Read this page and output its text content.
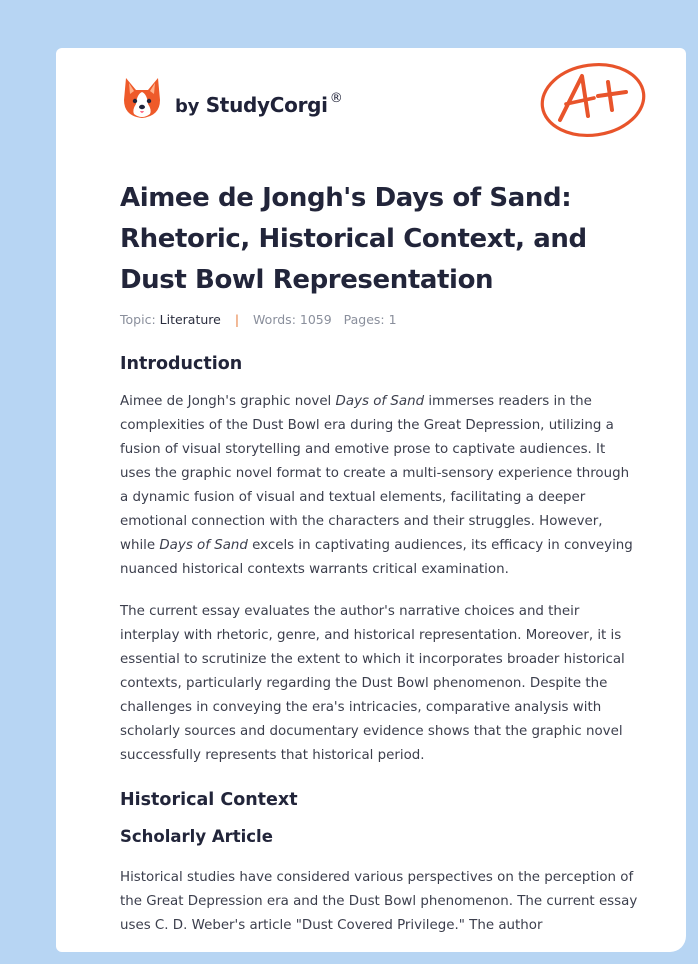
by StudyCorgi ®
Aimee de Jongh's Days of Sand: Rhetoric, Historical Context, and Dust Bowl Representation
Topic: Literature | Words: 1059 Pages: 1
Introduction

Aimee de Jongh's graphic novel Days of Sand immerses readers in the complexities of the Dust Bowl era during the Great Depression, utilizing a fusion of visual storytelling and emotive prose to captivate audiences. It uses the graphic novel format to create a multi-sensory experience through a dynamic fusion of visual and textual elements, facilitating a deeper emotional connection with the characters and their struggles. However, while Days of Sand excels in captivating audiences, its efficacy in conveying nuanced historical contexts warrants critical examination.

The current essay evaluates the author's narrative choices and their interplay with rhetoric, genre, and historical representation. Moreover, it is essential to scrutinize the extent to which it incorporates broader historical contexts, particularly regarding the Dust Bowl phenomenon. Despite the challenges in conveying the era's intricacies, comparative analysis with scholarly sources and documentary evidence shows that the graphic novel successfully represents that historical period.

Historical Context
Scholarly Article

Historical studies have considered various perspectives on the perception of the Great Depression era and the Dust Bowl phenomenon. The current essay uses C. D. Weber's article "Dust Covered Privilege." The author
